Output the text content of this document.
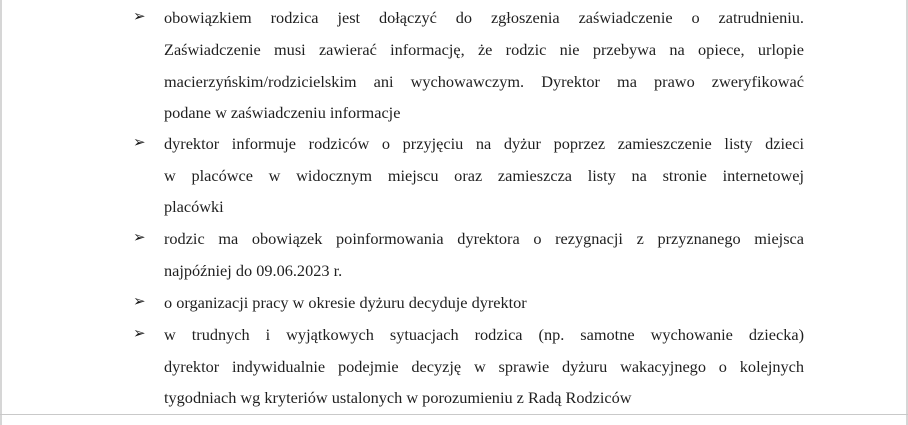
➢ obowiązkiem rodzica jest dołączyć do zgłoszenia zaświadczenie o zatrudnieniu.
Zaświadczenie musi zawierać informację, że rodzic nie przebywa na opiece, urlopie
macierzyńskim/rodzicielskim ani wychowawczym. Dyrektor ma prawo zweryfikować
podane w zaświadczeniu informacje
➢ dyrektor informuje rodziców o przyjęciu na dyżur poprzez zamieszczenie listy dzieci
w placówce w widocznym miejscu oraz zamieszcza listy na stronie internetowej
placówki
➢ rodzic ma obowiązek poinformowania dyrektora o rezygnacji z przyznanego miejsca
najpóźniej do 09.06.2023 r.
➢ o organizacji pracy w okresie dyżuru decyduje dyrektor
➢ w trudnych i wyjątkowych sytuacjach rodzica (np. samotne wychowanie dziecka)
dyrektor indywidualnie podejmie decyzję w sprawie dyżuru wakacyjnego o kolejnych
tygodniach wg kryteriów ustalonych w porozumieniu z Radą Rodziców
